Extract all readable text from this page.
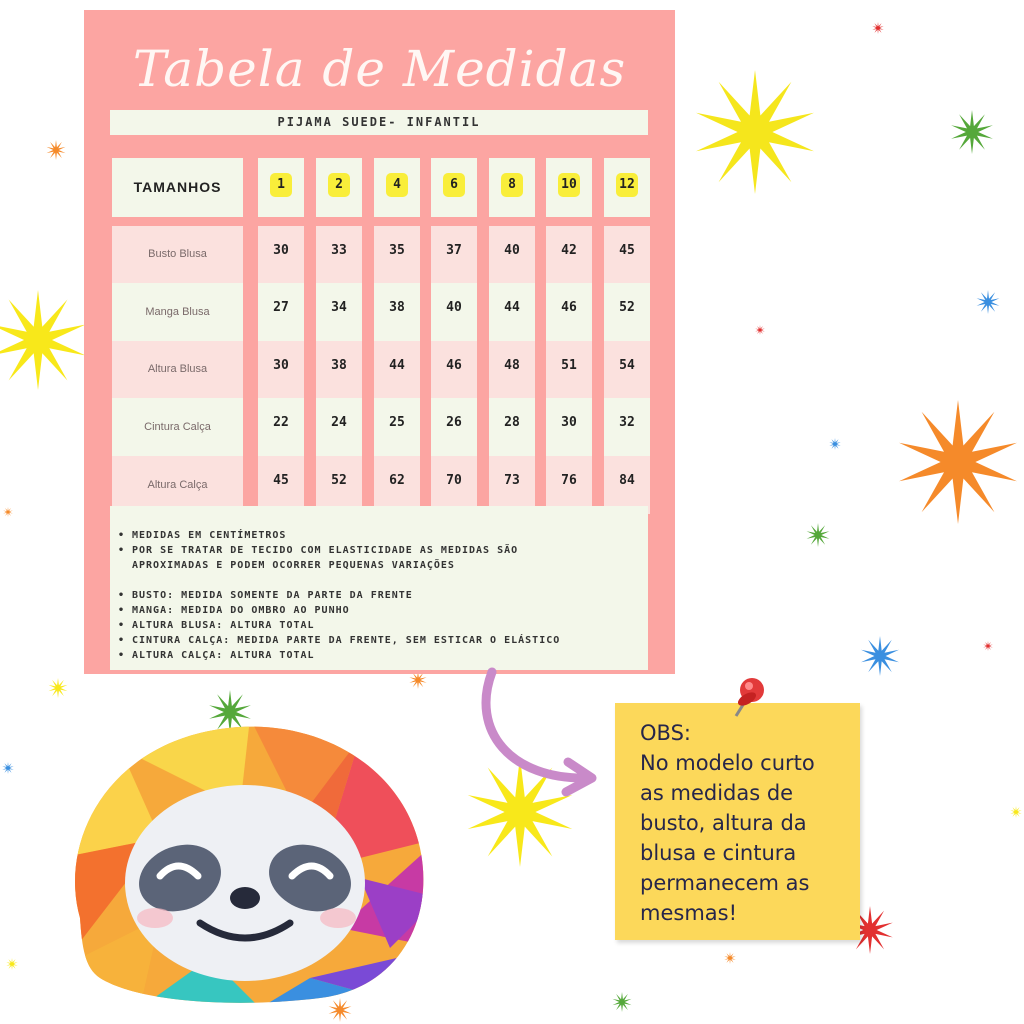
Tabela de Medidas
PIJAMA SUEDE- INFANTIL
TAMANHOS
Busto Blusa
Manga Blusa
Altura Blusa
Cintura Calça
Altura Calça
1
30
27
30
22
45
2
33
34
38
24
52
4
35
38
44
25
62
6
37
40
46
26
70
8
40
44
48
28
73
10
42
46
51
30
76
12
45
52
54
32
84
• MEDIDAS EM CENTÍMETROS
• POR SE TRATAR DE TECIDO COM ELASTICIDADE AS MEDIDAS SÃO
APROXIMADAS E PODEM OCORRER PEQUENAS VARIAÇÕES
• BUSTO: MEDIDA SOMENTE DA PARTE DA FRENTE
• MANGA: MEDIDA DO OMBRO AO PUNHO
• ALTURA BLUSA: ALTURA TOTAL
• CINTURA CALÇA: MEDIDA PARTE DA FRENTE, SEM ESTICAR O ELÁSTICO
• ALTURA CALÇA: ALTURA TOTAL

OBS:
No modelo curto
as medidas de
busto, altura da
blusa e cintura
permanecem as
mesmas!
